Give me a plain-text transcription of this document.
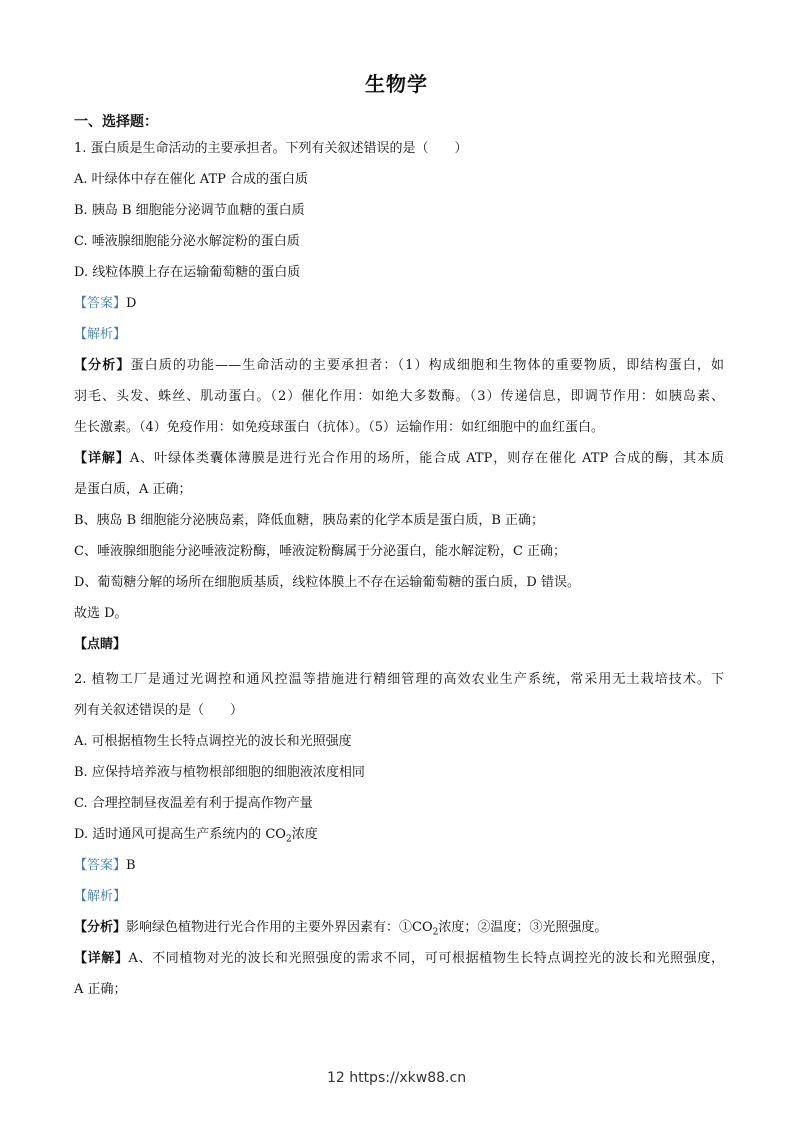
生物学
一、选择题：
1. 蛋白质是生命活动的主要承担者。下列有关叙述错误的是（　　）
A. 叶绿体中存在催化 ATP 合成的蛋白质
B. 胰岛 B 细胞能分泌调节血糖的蛋白质
C. 唾液腺细胞能分泌水解淀粉的蛋白质
D. 线粒体膜上存在运输葡萄糖的蛋白质
【答案】D
【解析】
【分析】蛋白质的功能——生命活动的主要承担者：（1）构成细胞和生物体的重要物质，即结构蛋白，如
羽毛、头发、蛛丝、肌动蛋白。（2）催化作用：如绝大多数酶。（3）传递信息，即调节作用：如胰岛素、
生长激素。（4）免疫作用：如免疫球蛋白（抗体）。（5）运输作用：如红细胞中的血红蛋白。
【详解】A、叶绿体类囊体薄膜是进行光合作用的场所，能合成 ATP，则存在催化 ATP 合成的酶，其本质
是蛋白质，A 正确；
B、胰岛 B 细胞能分泌胰岛素，降低血糖，胰岛素的化学本质是蛋白质，B 正确；
C、唾液腺细胞能分泌唾液淀粉酶，唾液淀粉酶属于分泌蛋白，能水解淀粉，C 正确；
D、葡萄糖分解的场所在细胞质基质，线粒体膜上不存在运输葡萄糖的蛋白质，D 错误。
故选 D。
【点睛】
2. 植物工厂是通过光调控和通风控温等措施进行精细管理的高效农业生产系统，常采用无土栽培技术。下
列有关叙述错误的是（　　）
A. 可根据植物生长特点调控光的波长和光照强度
B. 应保持培养液与植物根部细胞的细胞液浓度相同
C. 合理控制昼夜温差有利于提高作物产量
D. 适时通风可提高生产系统内的 $CO_2$浓度
【答案】B
【解析】
【分析】影响绿色植物进行光合作用的主要外界因素有：$①CO_2$浓度；②温度；③光照强度。
【详解】A、不同植物对光的波长和光照强度的需求不同，可可根据植物生长特点调控光的波长和光照强度，
A 正确；
12 https://xkw88.cn
